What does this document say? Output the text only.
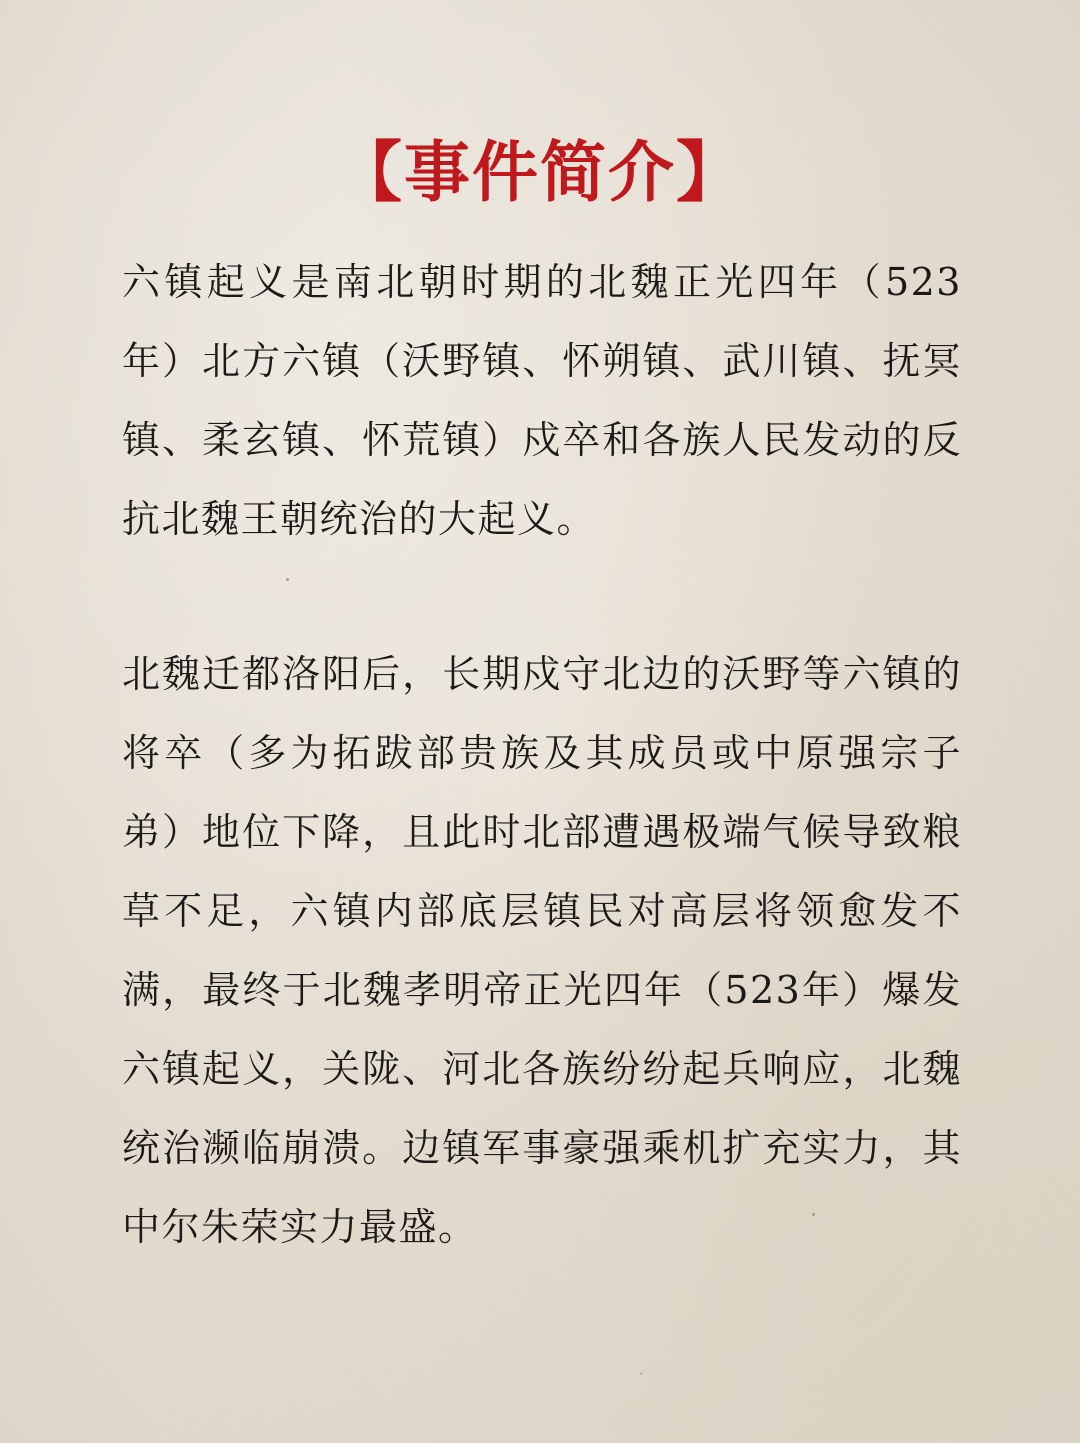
【事件简介】

六镇起义是南北朝时期的北魏正光四年（523年）北方六镇（沃野镇、怀朔镇、武川镇、抚冥镇、柔玄镇、怀荒镇）戍卒和各族人民发动的反抗北魏王朝统治的大起义。

北魏迁都洛阳后，长期戍守北边的沃野等六镇的将卒（多为拓跋部贵族及其成员或中原强宗子弟）地位下降，且此时北部遭遇极端气候导致粮草不足，六镇内部底层镇民对高层将领愈发不满，最终于北魏孝明帝正光四年（523年）爆发六镇起义，关陇、河北各族纷纷起兵响应，北魏统治濒临崩溃。边镇军事豪强乘机扩充实力，其中尔朱荣实力最盛。
